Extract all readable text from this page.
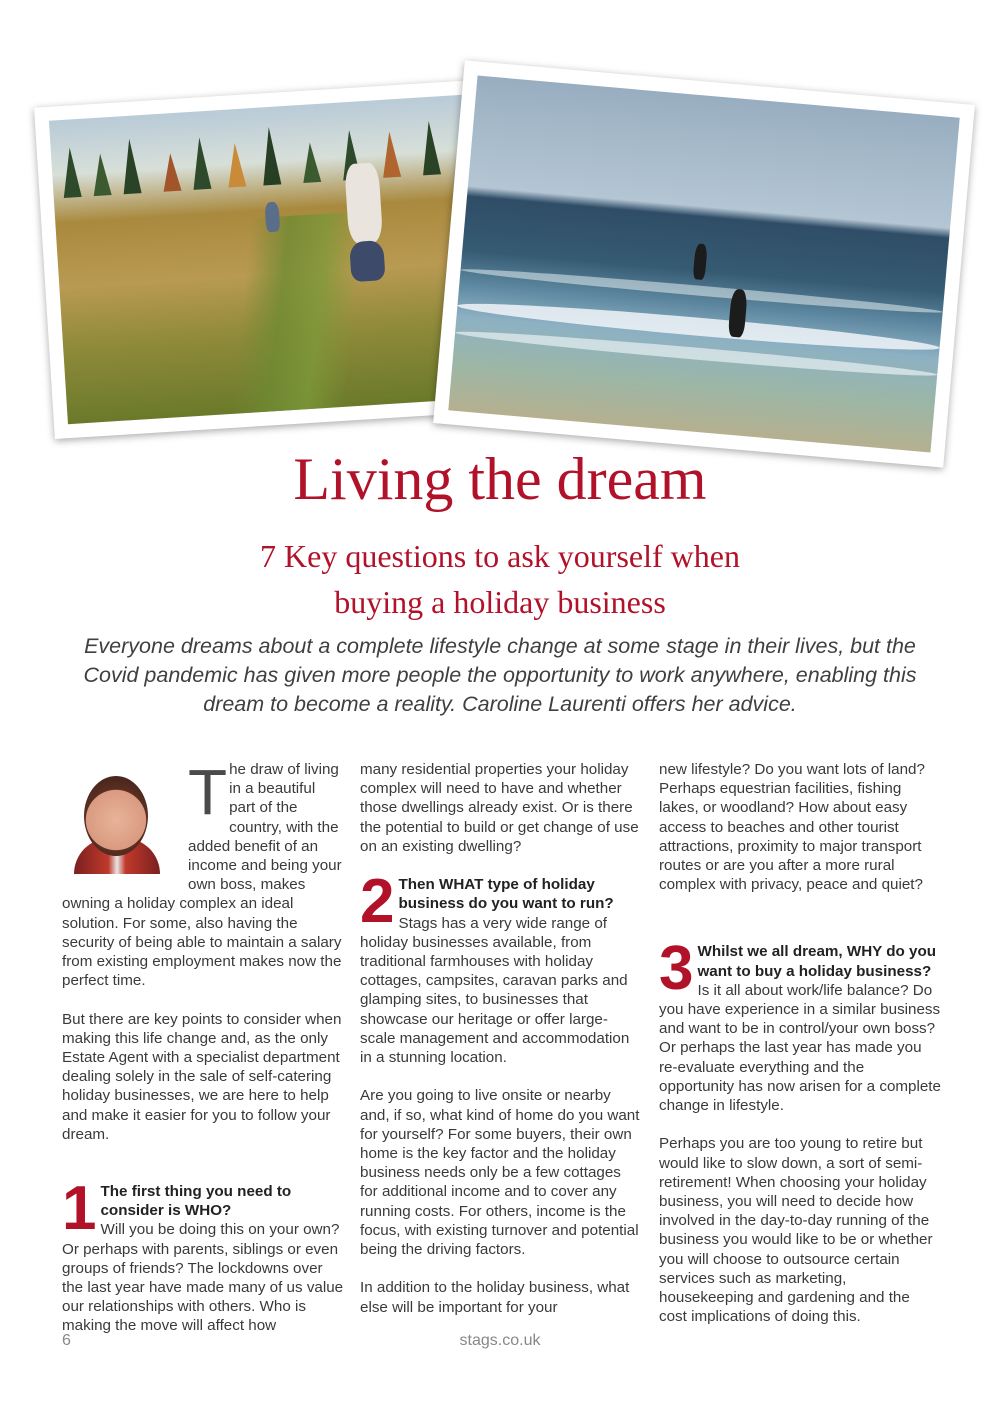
Living the dream
7 Key questions to ask yourself when
buying a holiday business

Everyone dreams about a complete lifestyle change at some stage in their lives, but the Covid pandemic has given more people the opportunity to work anywhere, enabling this dream to become a reality. Caroline Laurenti offers her advice.

The draw of living in a beautiful part of the country, with the added benefit of an income and being your own boss, makes owning a holiday complex an ideal solution. For some, also having the security of being able to maintain a salary from existing employment makes now the perfect time.

But there are key points to consider when making this life change and, as the only Estate Agent with a specialist department dealing solely in the sale of self-catering holiday businesses, we are here to help and make it easier for you to follow your dream.

1 The first thing you need to consider is WHO?
Will you be doing this on your own? Or perhaps with parents, siblings or even groups of friends? The lockdowns over the last year have made many of us value our relationships with others. Who is making the move will affect how

many residential properties your holiday complex will need to have and whether those dwellings already exist. Or is there the potential to build or get change of use on an existing dwelling?

2 Then WHAT type of holiday business do you want to run?
Stags has a very wide range of holiday businesses available, from traditional farmhouses with holiday cottages, campsites, caravan parks and glamping sites, to businesses that showcase our heritage or offer large-scale management and accommodation in a stunning location.

Are you going to live onsite or nearby and, if so, what kind of home do you want for yourself? For some buyers, their own home is the key factor and the holiday business needs only be a few cottages for additional income and to cover any running costs. For others, income is the focus, with existing turnover and potential being the driving factors.

In addition to the holiday business, what else will be important for your

new lifestyle? Do you want lots of land? Perhaps equestrian facilities, fishing lakes, or woodland? How about easy access to beaches and other tourist attractions, proximity to major transport routes or are you after a more rural complex with privacy, peace and quiet?

3 Whilst we all dream, WHY do you want to buy a holiday business?
Is it all about work/life balance? Do you have experience in a similar business and want to be in control/your own boss? Or perhaps the last year has made you re-evaluate everything and the opportunity has now arisen for a complete change in lifestyle.

Perhaps you are too young to retire but would like to slow down, a sort of semi-retirement! When choosing your holiday business, you will need to decide how involved in the day-to-day running of the business you would like to be or whether you will choose to outsource certain services such as marketing, housekeeping and gardening and the cost implications of doing this.

6	stags.co.uk
